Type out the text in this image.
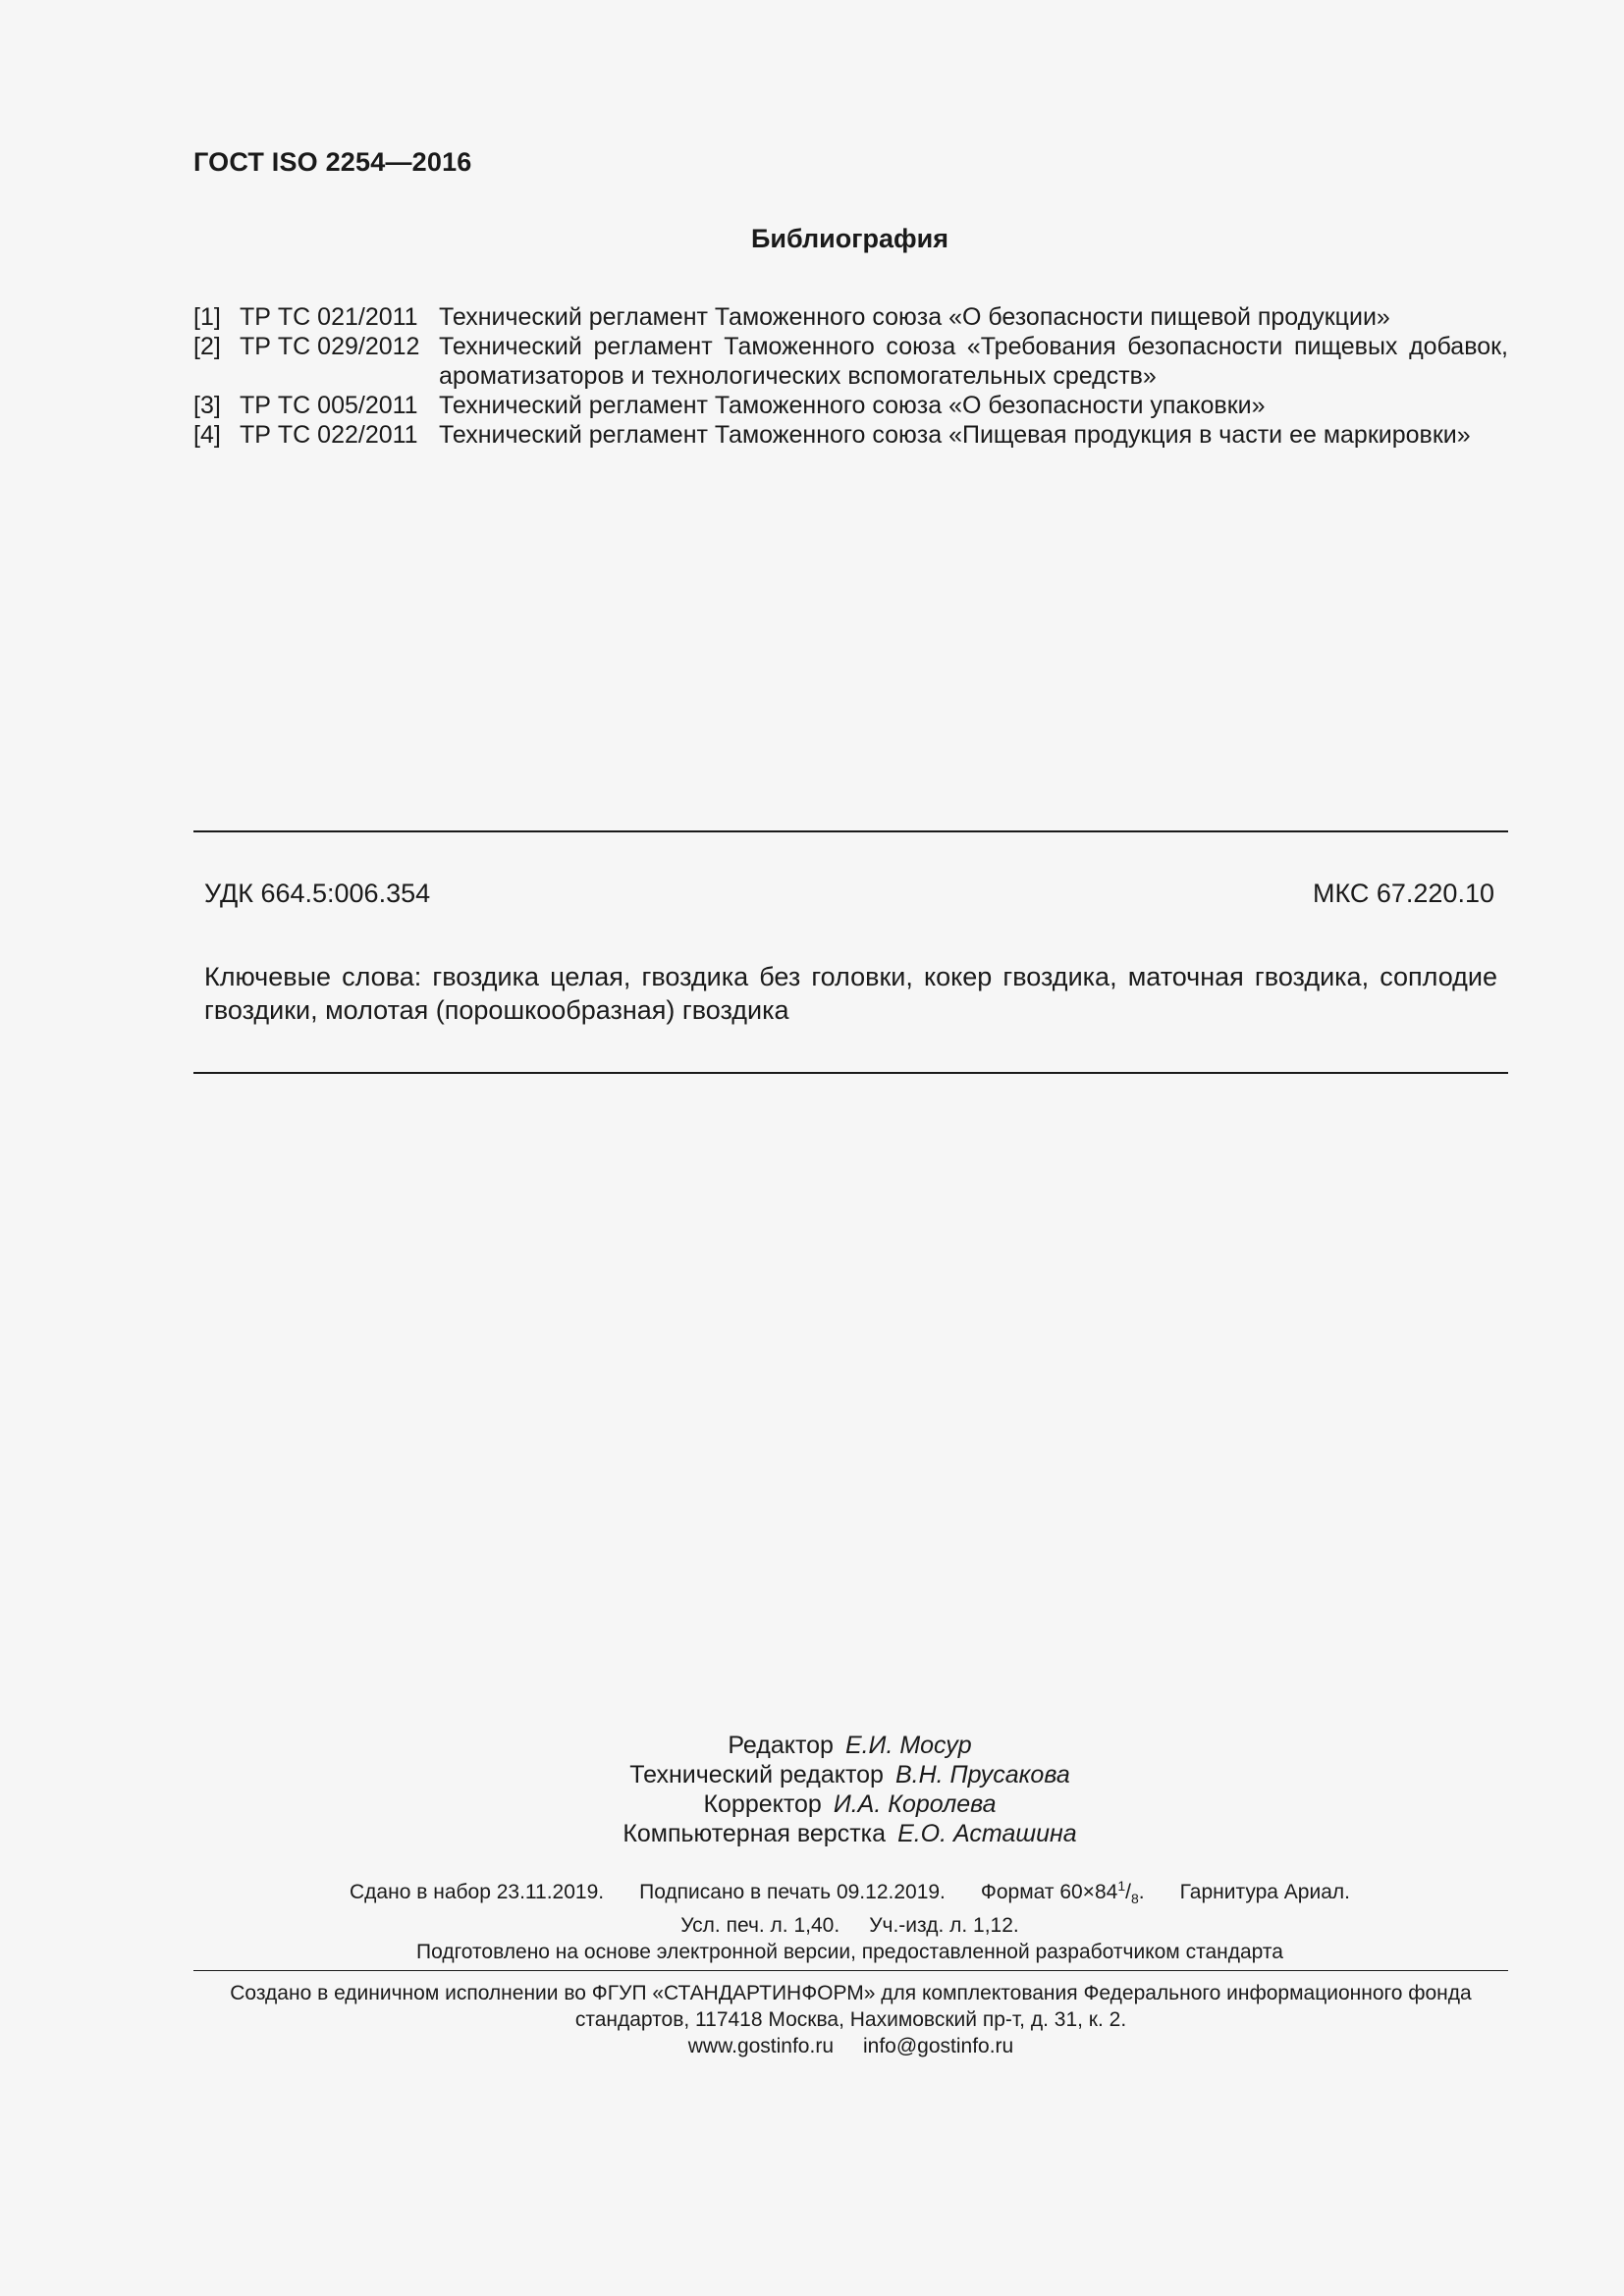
ГОСТ ISO 2254—2016
Библиография
[1] ТР ТС 021/2011 Технический регламент Таможенного союза «О безопасности пищевой продукции»
[2] ТР ТС 029/2012 Технический регламент Таможенного союза «Требования безопасности пищевых добавок, ароматизаторов и технологических вспомогательных средств»
[3] ТР ТС 005/2011 Технический регламент Таможенного союза «О безопасности упаковки»
[4] ТР ТС 022/2011 Технический регламент Таможенного союза «Пищевая продукция в части ее маркировки»
УДК 664.5:006.354	МКС 67.220.10
Ключевые слова: гвоздика целая, гвоздика без головки, кокер гвоздика, маточная гвоздика, соплодие гвоздики, молотая (порошкообразная) гвоздика
Редактор Е.И. Мосур
Технический редактор В.Н. Прусакова
Корректор И.А. Королева
Компьютерная верстка Е.О. Асташина
Сдано в набор 23.11.2019. Подписано в печать 09.12.2019. Формат $60\times 84^1/_8$. Гарнитура Ариал.
Усл. печ. л. 1,40. Уч.-изд. л. 1,12.
Подготовлено на основе электронной версии, предоставленной разработчиком стандарта
Создано в единичном исполнении во ФГУП «СТАНДАРТИНФОРМ» для комплектования Федерального информационного фонда стандартов, 117418 Москва, Нахимовский пр-т, д. 31, к. 2.
www.gostinfo.ru info@gostinfo.ru
